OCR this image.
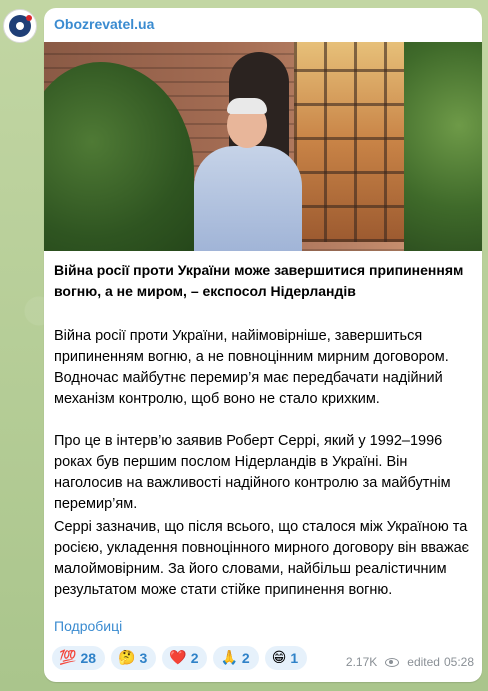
Obozrevatel.ua
Війна росії проти України може завершитися припиненням вогню, а не миром, – експосол Нідерландів

Війна росії проти України, найімовірніше, завершиться припиненням вогню, а не повноцінним мирним договором. Водночас майбутнє перемир’я має передбачати надійний механізм контролю, щоб воно не стало крихким.

Про це в інтерв’ю заявив Роберт Серрі, який у 1992–1996 роках був першим послом Нідерландів в Україні. Він наголосив на важливості надійного контролю за майбутнім перемир’ям.

Серрі зазначив, що після всього, що сталося між Україною та росією, укладення повноцінного мирного договору він вважає малоймовірним. За його словами, найбільш реалістичним результатом може стати стійке припинення вогню.

Подробиці
💯 28 🤔 3 ❤️ 2 🙏 2 😁 1	2.17K	edited 05:28
